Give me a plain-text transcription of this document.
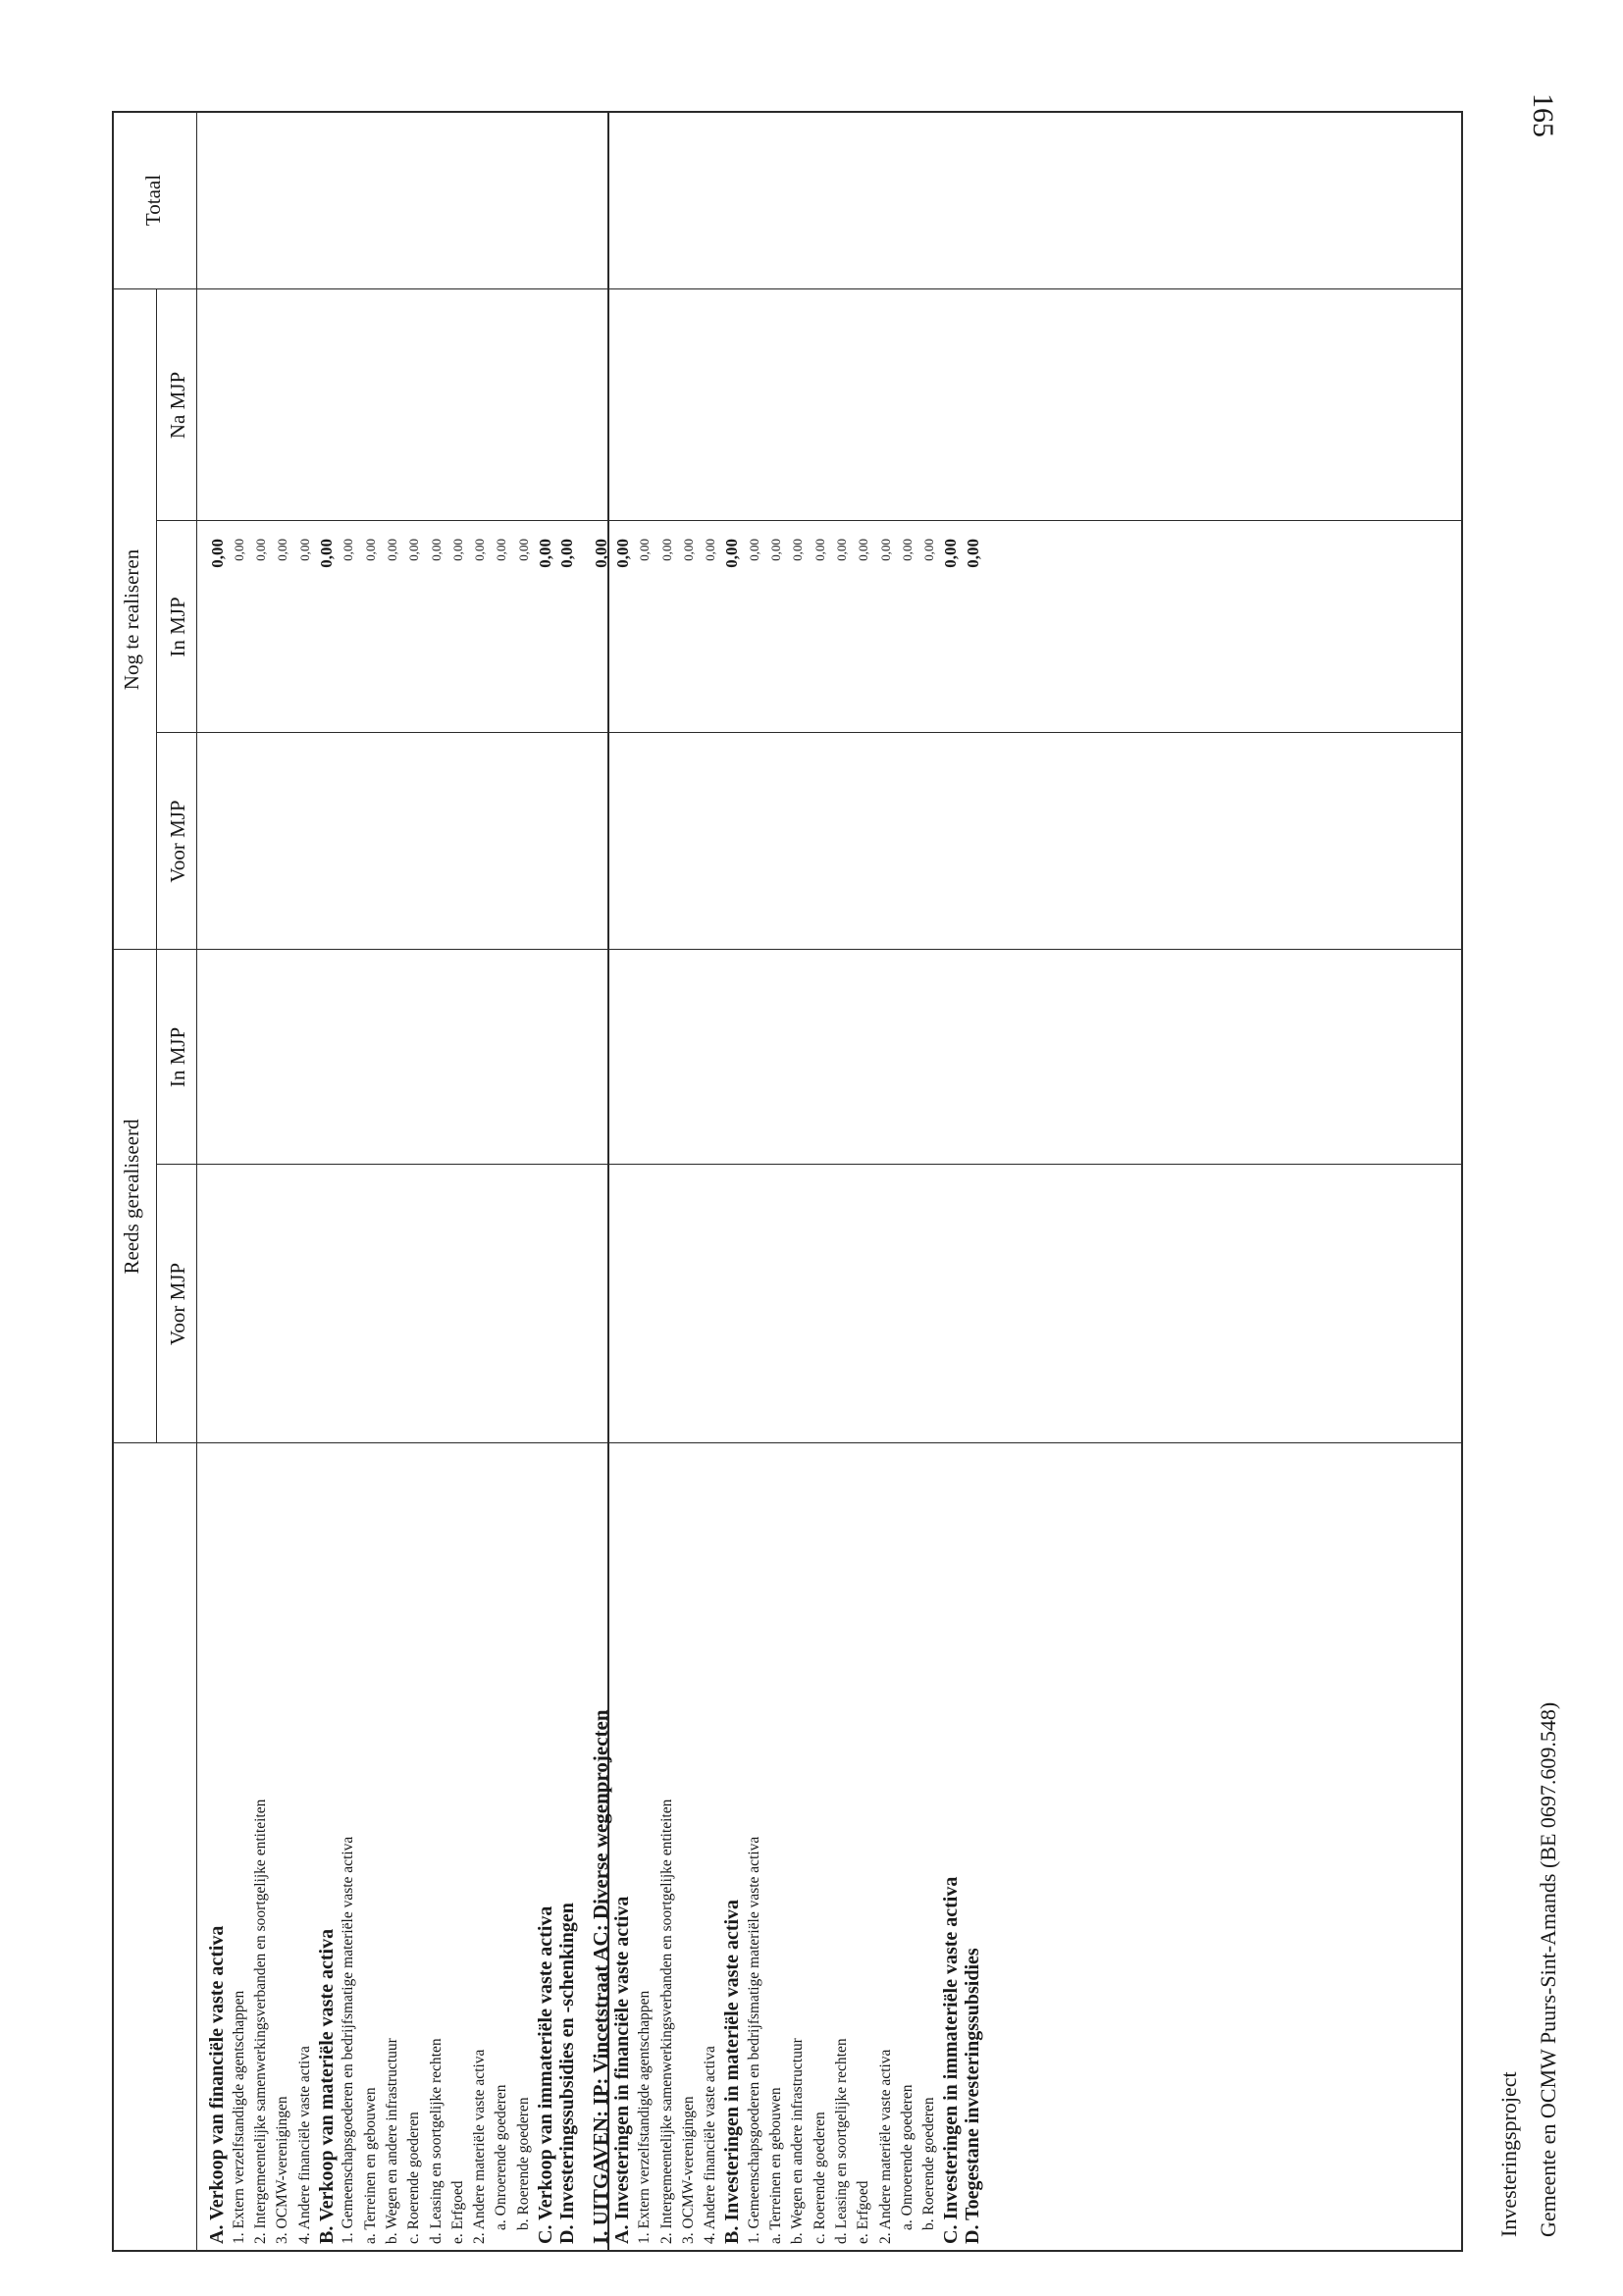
Reeds gerealiseerd
Nog te realiseren
Voor MJP
In MJP
Voor MJP
In MJP
Na MJP
Totaal
A. Verkoop van financiële vaste activa
0,00
1. Extern verzelfstandigde agentschappen
0,00
2. Intergemeentelijke samenwerkingsverbanden en soortgelijke entiteiten
0,00
3. OCMW-verenigingen
0,00
4. Andere financiële vaste activa
0,00
B. Verkoop van materiële vaste activa
0,00
1. Gemeenschapsgoederen en bedrijfsmatige materiële vaste activa
0,00
a. Terreinen en gebouwen
0,00
b. Wegen en andere infrastructuur
0,00
c. Roerende goederen
0,00
d. Leasing en soortgelijke rechten
0,00
e. Erfgoed
0,00
2. Andere materiële vaste activa
0,00
a. Onroerende goederen
0,00
b. Roerende goederen
0,00
C. Verkoop van immateriële vaste activa
0,00
D. Investeringssubsidies en -schenkingen
0,00
I. UITGAVEN: IP: Vincetstraat AC: Diverse wegenprojecten
0,00
A. Investeringen in financiële vaste activa
0,00
1. Extern verzelfstandigde agentschappen
0,00
2. Intergemeentelijke samenwerkingsverbanden en soortgelijke entiteiten
0,00
3. OCMW-verenigingen
0,00
4. Andere financiële vaste activa
0,00
B. Investeringen in materiële vaste activa
0,00
1. Gemeenschapsgoederen en bedrijfsmatige materiële vaste activa
0,00
a. Terreinen en gebouwen
0,00
b. Wegen en andere infrastructuur
0,00
c. Roerende goederen
0,00
d. Leasing en soortgelijke rechten
0,00
e. Erfgoed
0,00
2. Andere materiële vaste activa
0,00
a. Onroerende goederen
0,00
b. Roerende goederen
0,00
C. Investeringen in immateriële vaste activa
0,00
D. Toegestane investeringssubsidies
0,00
Investeringsproject Gemeente en OCMW Puurs-Sint-Amands (BE 0697.609.548)
165
